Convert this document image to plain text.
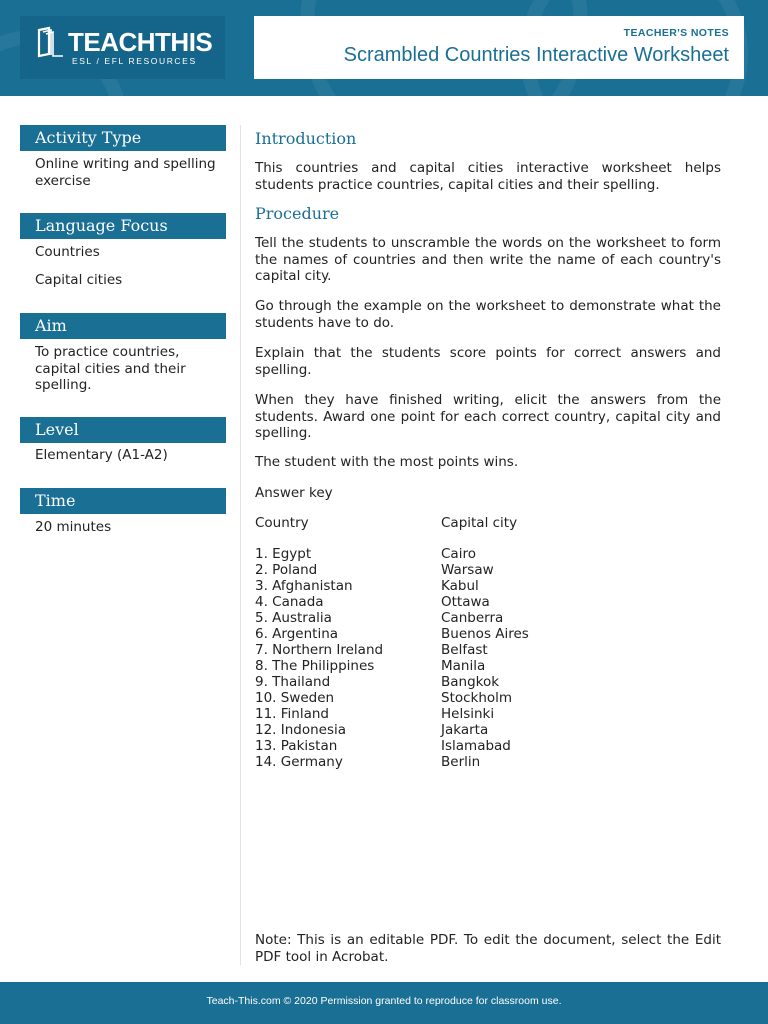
TEACHTHIS
ESL / EFL RESOURCES
TEACHER'S NOTES
Scrambled Countries Interactive Worksheet
Activity Type
Online writing and spelling exercise
Language Focus
Countries
Capital cities
Aim
To practice countries, capital cities and their spelling.
Level
Elementary (A1-A2)
Time
20 minutes
Introduction
This countries and capital cities interactive worksheet helps students practice countries, capital cities and their spelling.
Procedure
Tell the students to unscramble the words on the worksheet to form the names of countries and then write the name of each country's capital city.
Go through the example on the worksheet to demonstrate what the students have to do.
Explain that the students score points for correct answers and spelling.
When they have finished writing, elicit the answers from the students. Award one point for each correct country, capital city and spelling.
The student with the most points wins.
Answer key
Country	Capital city
1. Egypt	Cairo
2. Poland	Warsaw
3. Afghanistan	Kabul
4. Canada	Ottawa
5. Australia	Canberra
6. Argentina	Buenos Aires
7. Northern Ireland	Belfast
8. The Philippines	Manila
9. Thailand	Bangkok
10. Sweden	Stockholm
11. Finland	Helsinki
12. Indonesia	Jakarta
13. Pakistan	Islamabad
14. Germany	Berlin
Note: This is an editable PDF. To edit the document, select the Edit PDF tool in Acrobat.
Teach-This.com © 2020 Permission granted to reproduce for classroom use.
